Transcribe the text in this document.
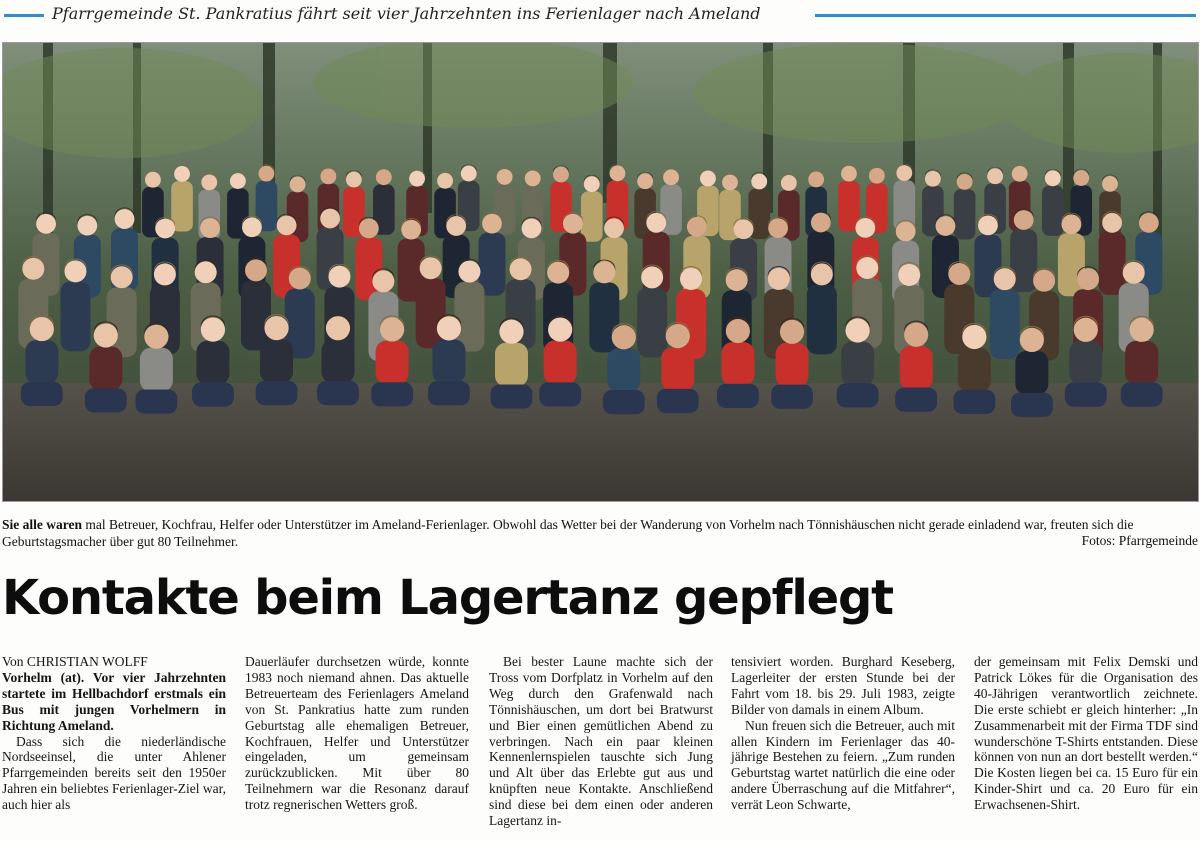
Pfarrgemeinde St. Pankratius fährt seit vier Jahrzehnten ins Ferienlager nach Ameland
Sie alle waren mal Betreuer, Kochfrau, Helfer oder Unterstützer im Ameland-Ferienlager. Obwohl das Wetter bei der Wanderung von Vorhelm nach Tönnishäuschen nicht gerade einladend war, freuten sich die Geburtstagsmacher über gut 80 Teilnehmer.	Fotos: Pfarrgemeinde
Kontakte beim Lagertanz gepflegt

Von CHRISTIAN WOLFF

Vorhelm (at). Vor vier Jahrzehnten startete im Hellbachdorf erstmals ein Bus mit jungen Vorhelmern in Richtung Ameland.

Dass sich die niederländische Nordseeinsel, die unter Ahlener Pfarrgemeinden bereits seit den 1950er Jahren ein beliebtes Ferienlager-Ziel war, auch hier als

Dauerläufer durchsetzen würde, konnte 1983 noch niemand ahnen. Das aktuelle Betreuerteam des Ferienlagers Ameland von St. Pankratius hatte zum runden Geburtstag alle ehemaligen Betreuer, Kochfrauen, Helfer und Unterstützer eingeladen, um gemeinsam zurückzublicken. Mit über 80 Teilnehmern war die Resonanz darauf trotz regnerischen Wetters groß.

Bei bester Laune machte sich der Tross vom Dorfplatz in Vorhelm auf den Weg durch den Grafenwald nach Tönnishäuschen, um dort bei Bratwurst und Bier einen gemütlichen Abend zu verbringen. Nach ein paar kleinen Kennenlernspielen tauschte sich Jung und Alt über das Erlebte gut aus und knüpften neue Kontakte. Anschließend sind diese bei dem einen oder anderen Lagertanz in-

tensiviert worden. Burghard Keseberg, Lagerleiter der ersten Stunde bei der Fahrt vom 18. bis 29. Juli 1983, zeigte Bilder von damals in einem Album.

Nun freuen sich die Betreuer, auch mit allen Kindern im Ferienlager das 40-jährige Bestehen zu feiern. „Zum runden Geburtstag wartet natürlich die eine oder andere Überraschung auf die Mitfahrer“, verrät Leon Schwarte,

der gemeinsam mit Felix Demski und Patrick Lökes für die Organisation des 40-Jährigen verantwortlich zeichnete. Die erste schiebt er gleich hinterher: „In Zusammenarbeit mit der Firma TDF sind wunderschöne T-Shirts entstanden. Diese können von nun an dort bestellt werden.“ Die Kosten liegen bei ca. 15 Euro für ein Kinder-Shirt und ca. 20 Euro für ein Erwachsenen-Shirt.
